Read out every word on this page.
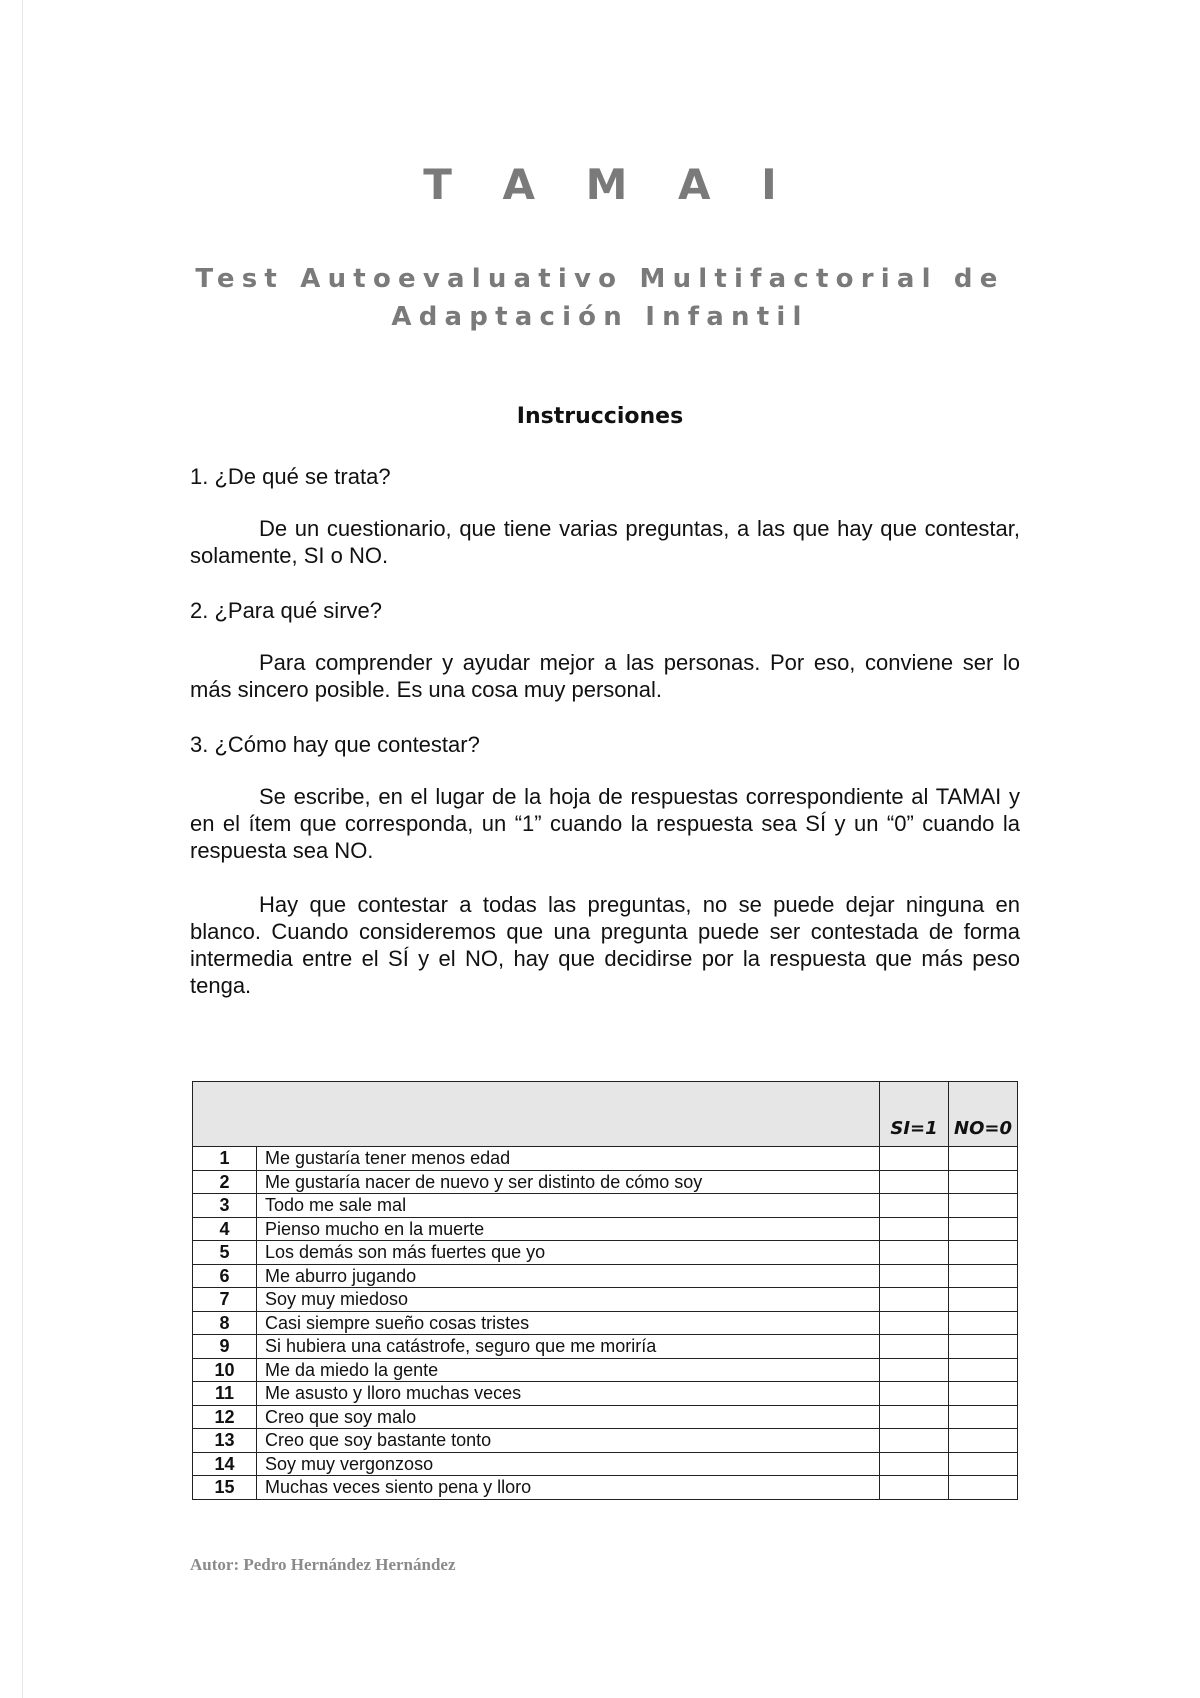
T A M A I
Test Autoevaluativo Multifactorial de Adaptación Infantil
Instrucciones

1. ¿De qué se trata?

De un cuestionario, que tiene varias preguntas, a las que hay que contestar, solamente, SI o NO.

2. ¿Para qué sirve?

Para comprender y ayudar mejor a las personas. Por eso, conviene ser lo más sincero posible. Es una cosa muy personal.

3. ¿Cómo hay que contestar?

Se escribe, en el lugar de la hoja de respuestas correspondiente al TAMAI y en el ítem que corresponda, un “1” cuando la respuesta sea SÍ y un “0” cuando la respuesta sea NO.

Hay que contestar a todas las preguntas, no se puede dejar ninguna en blanco. Cuando consideremos que una pregunta puede ser contestada de forma intermedia entre el SÍ y el NO, hay que decidirse por la respuesta que más peso tenga.

		SI=1	NO=0
1	Me gustaría tener menos edad		
2	Me gustaría nacer de nuevo y ser distinto de cómo soy		
3	Todo me sale mal		
4	Pienso mucho en la muerte		
5	Los demás son más fuertes que yo		
6	Me aburro jugando		
7	Soy muy miedoso		
8	Casi siempre sueño cosas tristes		
9	Si hubiera una catástrofe, seguro que me moriría		
10	Me da miedo la gente		
11	Me asusto y lloro muchas veces		
12	Creo que soy malo		
13	Creo que soy bastante tonto		
14	Soy muy vergonzoso		
15	Muchas veces siento pena y lloro		
Autor: Pedro Hernández Hernández
